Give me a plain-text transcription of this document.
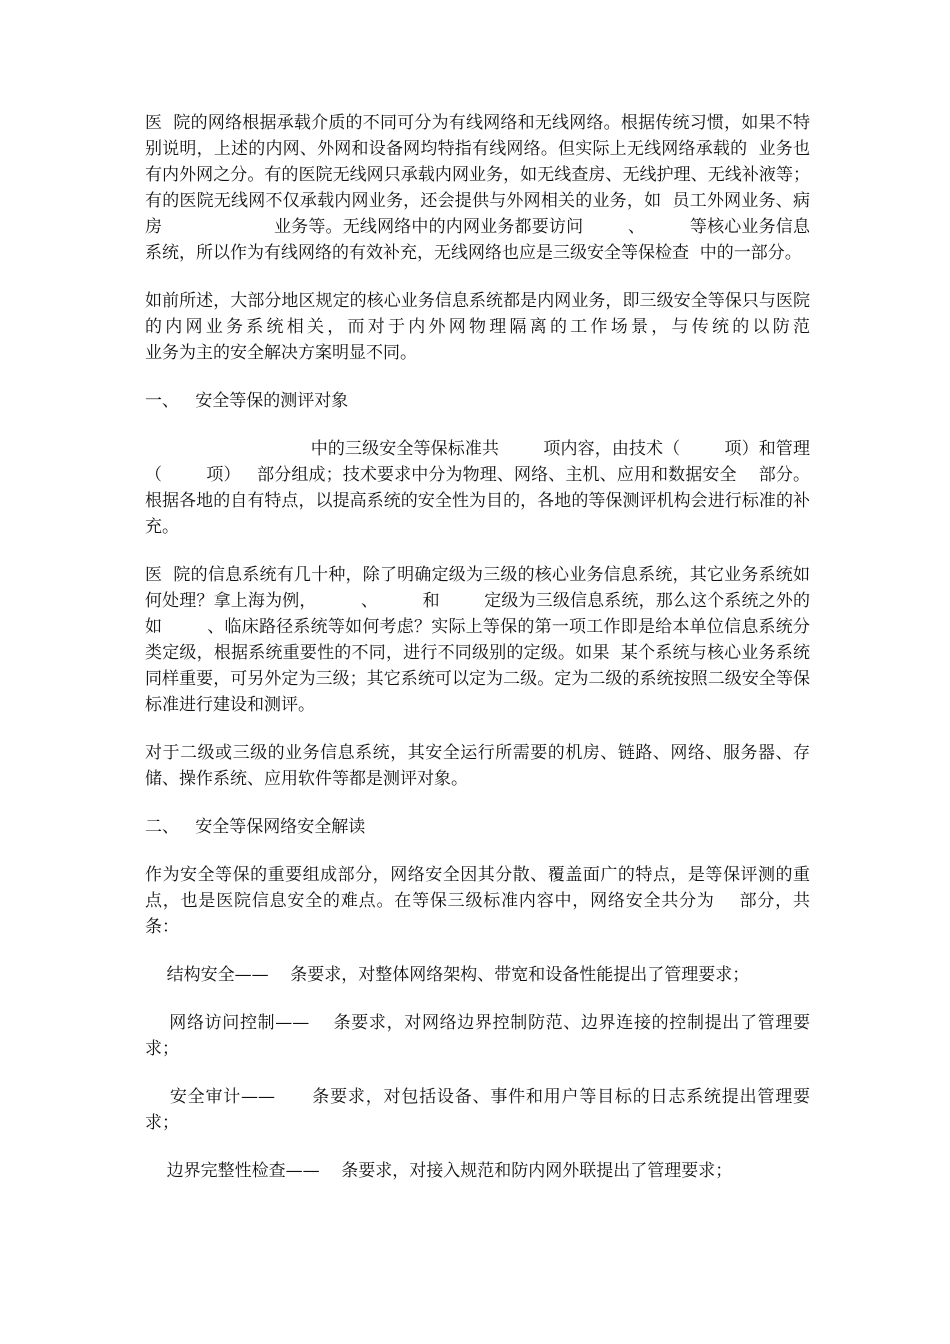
医  院的网络根据承载介质的不同可分为有线网络和无线网络。根据传统习惯，如果不特别说明，上述的内网、外网和设备网均特指有线网络。但实际上无线网络承载的  业务也有内外网之分。有的医院无线网只承载内网业务，如无线查房、无线护理、无线补液等；有的医院无线网不仅承载内网业务，还会提供与外网相关的业务，如  员工外网业务、病房                    业务等。无线网络中的内网业务都要访问        、        等核心业务信息系统，所以作为有线网络的有效补充，无线网络也应是三级安全等保检查  中的一部分。

如前所述，大部分地区规定的核心业务信息系统都是内网业务，即三级安全等保只与医院的内网业务系统相关，而对于内外网物理隔离的工作场景，与传统的以防范                  业务为主的安全解决方案明显不同。

一、   安全等保的测评对象

中的三级安全等保标准共        项内容，由技术（        项）和管理（        项）   部分组成；技术要求中分为物理、网络、主机、应用和数据安全    部分。根据各地的自有特点，以提高系统的安全性为目的，各地的等保测评机构会进行标准的补充。

医  院的信息系统有几十种，除了明确定级为三级的核心业务信息系统，其它业务系统如何处理？拿上海为例，        、        和        定级为三级信息系统，那么这个系统之外的如        、临床路径系统等如何考虑？实际上等保的第一项工作即是给本单位信息系统分类定级，根据系统重要性的不同，进行不同级别的定级。如果  某个系统与核心业务系统同样重要，可另外定为三级；其它系统可以定为二级。定为二级的系统按照二级安全等保标准进行建设和测评。

对于二级或三级的业务信息系统，其安全运行所需要的机房、链路、网络、服务器、存储、操作系统、应用软件等都是测评对象。

二、   安全等保网络安全解读

作为安全等保的重要组成部分，网络安全因其分散、覆盖面广的特点，是等保评测的重点，也是医院信息安全的难点。在等保三级标准内容中，网络安全共分为    部分，共      条：

结构安全——    条要求，对整体网络架构、带宽和设备性能提出了管理要求；

网络访问控制——    条要求，对网络边界控制防范、边界连接的控制提出了管理要求；

安全审计——      条要求，对包括设备、事件和用户等目标的日志系统提出管理要求；

边界完整性检查——    条要求，对接入规范和防内网外联提出了管理要求；
